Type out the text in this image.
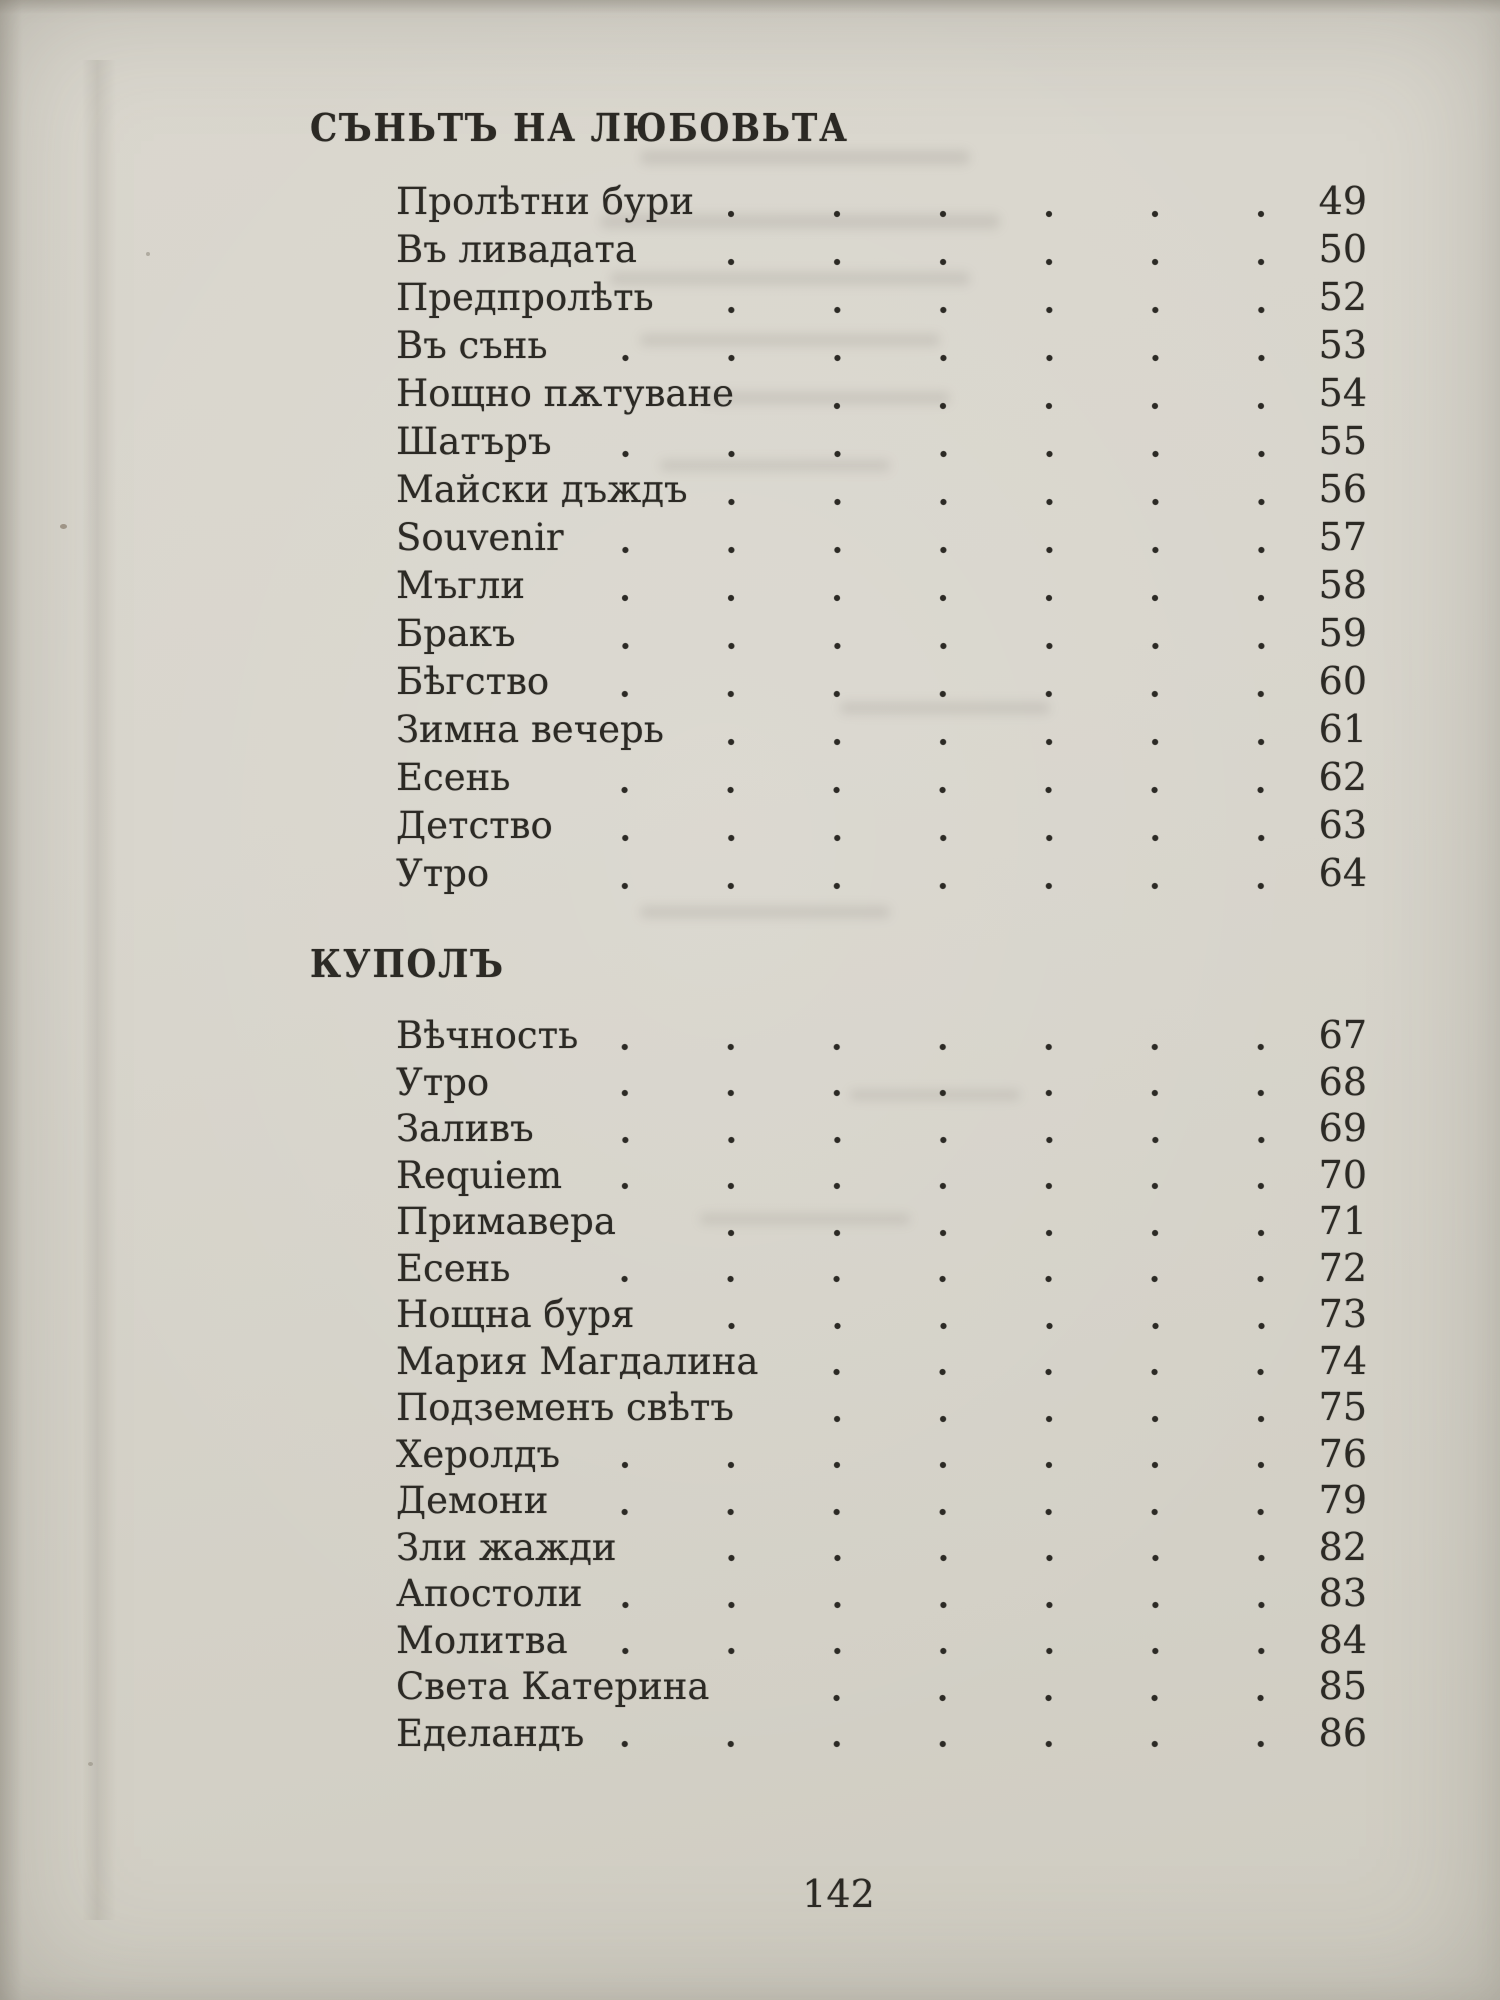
СЪНЬТЪ НА ЛЮБОВЬТА
Пролѣтни бури	49
Въ ливадата	50
Предпролѣть	52
Въ сънь	53
Нощно пѫтуване	54
Шатъръ	55
Майски дъждъ	56
Souvenir	57
Мъгли	58
Бракъ	59
Бѣгство	60
Зимна вечерь	61
Есень	62
Детство	63
Утро	64
КУПОЛЪ
Вѣчность	67
Утро	68
Заливъ	69
Requiem	70
Примавера	71
Есень	72
Нощна буря	73
Мария Магдалина	74
Подземенъ свѣтъ	75
Херолдъ	76
Демони	79
Зли жажди	82
Апостоли	83
Молитва	84
Света Катерина	85
Еделандъ	86
142
